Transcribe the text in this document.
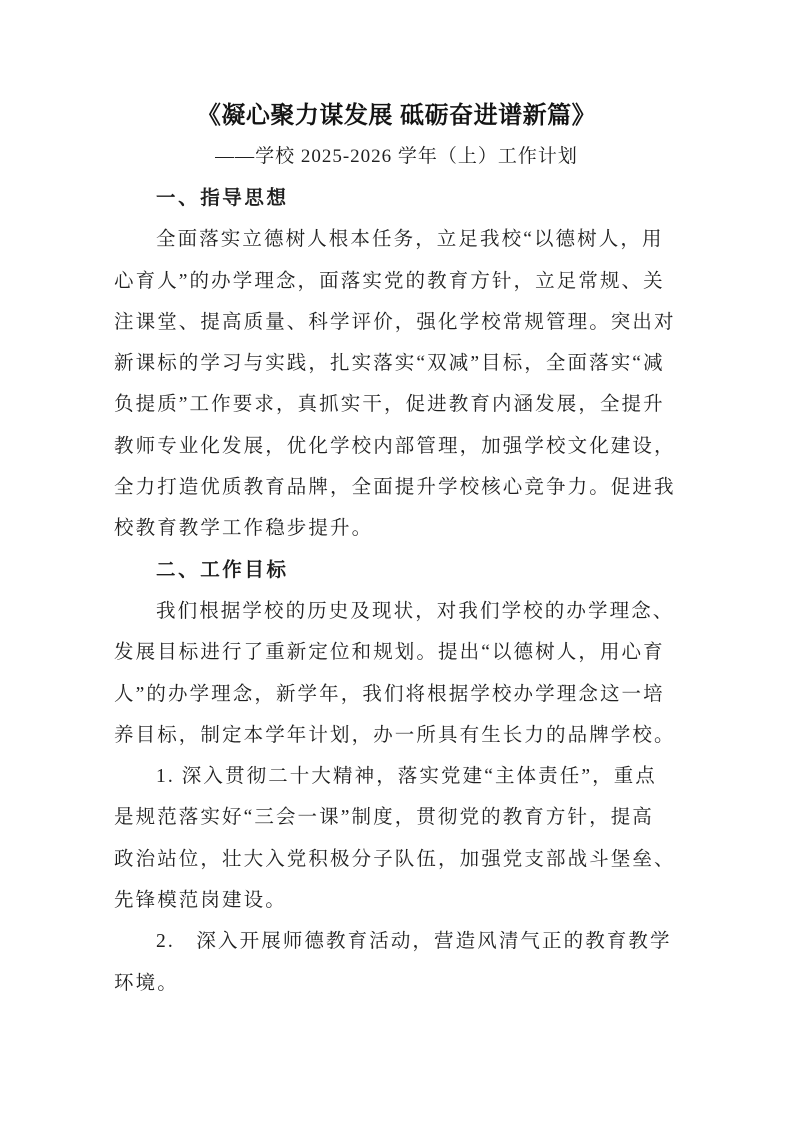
《凝心聚力谋发展 砥砺奋进谱新篇》
——学校 2025-2026 学年（上）工作计划
一、指导思想
全面落实立德树人根本任务，立足我校“以德树人，用
心育人”的办学理念，面落实党的教育方针，立足常规、关
注课堂、提高质量、科学评价，强化学校常规管理。突出对
新课标的学习与实践，扎实落实“双减”目标，全面落实“减
负提质”工作要求，真抓实干，促进教育内涵发展，全提升
教师专业化发展，优化学校内部管理，加强学校文化建设，
全力打造优质教育品牌，全面提升学校核心竞争力。促进我
校教育教学工作稳步提升。
二、工作目标
我们根据学校的历史及现状，对我们学校的办学理念、
发展目标进行了重新定位和规划。提出“以德树人，用心育
人”的办学理念，新学年，我们将根据学校办学理念这一培
养目标，制定本学年计划，办一所具有生长力的品牌学校。
1. 深入贯彻二十大精神，落实党建“主体责任”，重点
是规范落实好“三会一课”制度，贯彻党的教育方针，提高
政治站位，壮大入党积极分子队伍，加强党支部战斗堡垒、
先锋模范岗建设。
2.　深入开展师德教育活动，营造风清气正的教育教学
环境。
